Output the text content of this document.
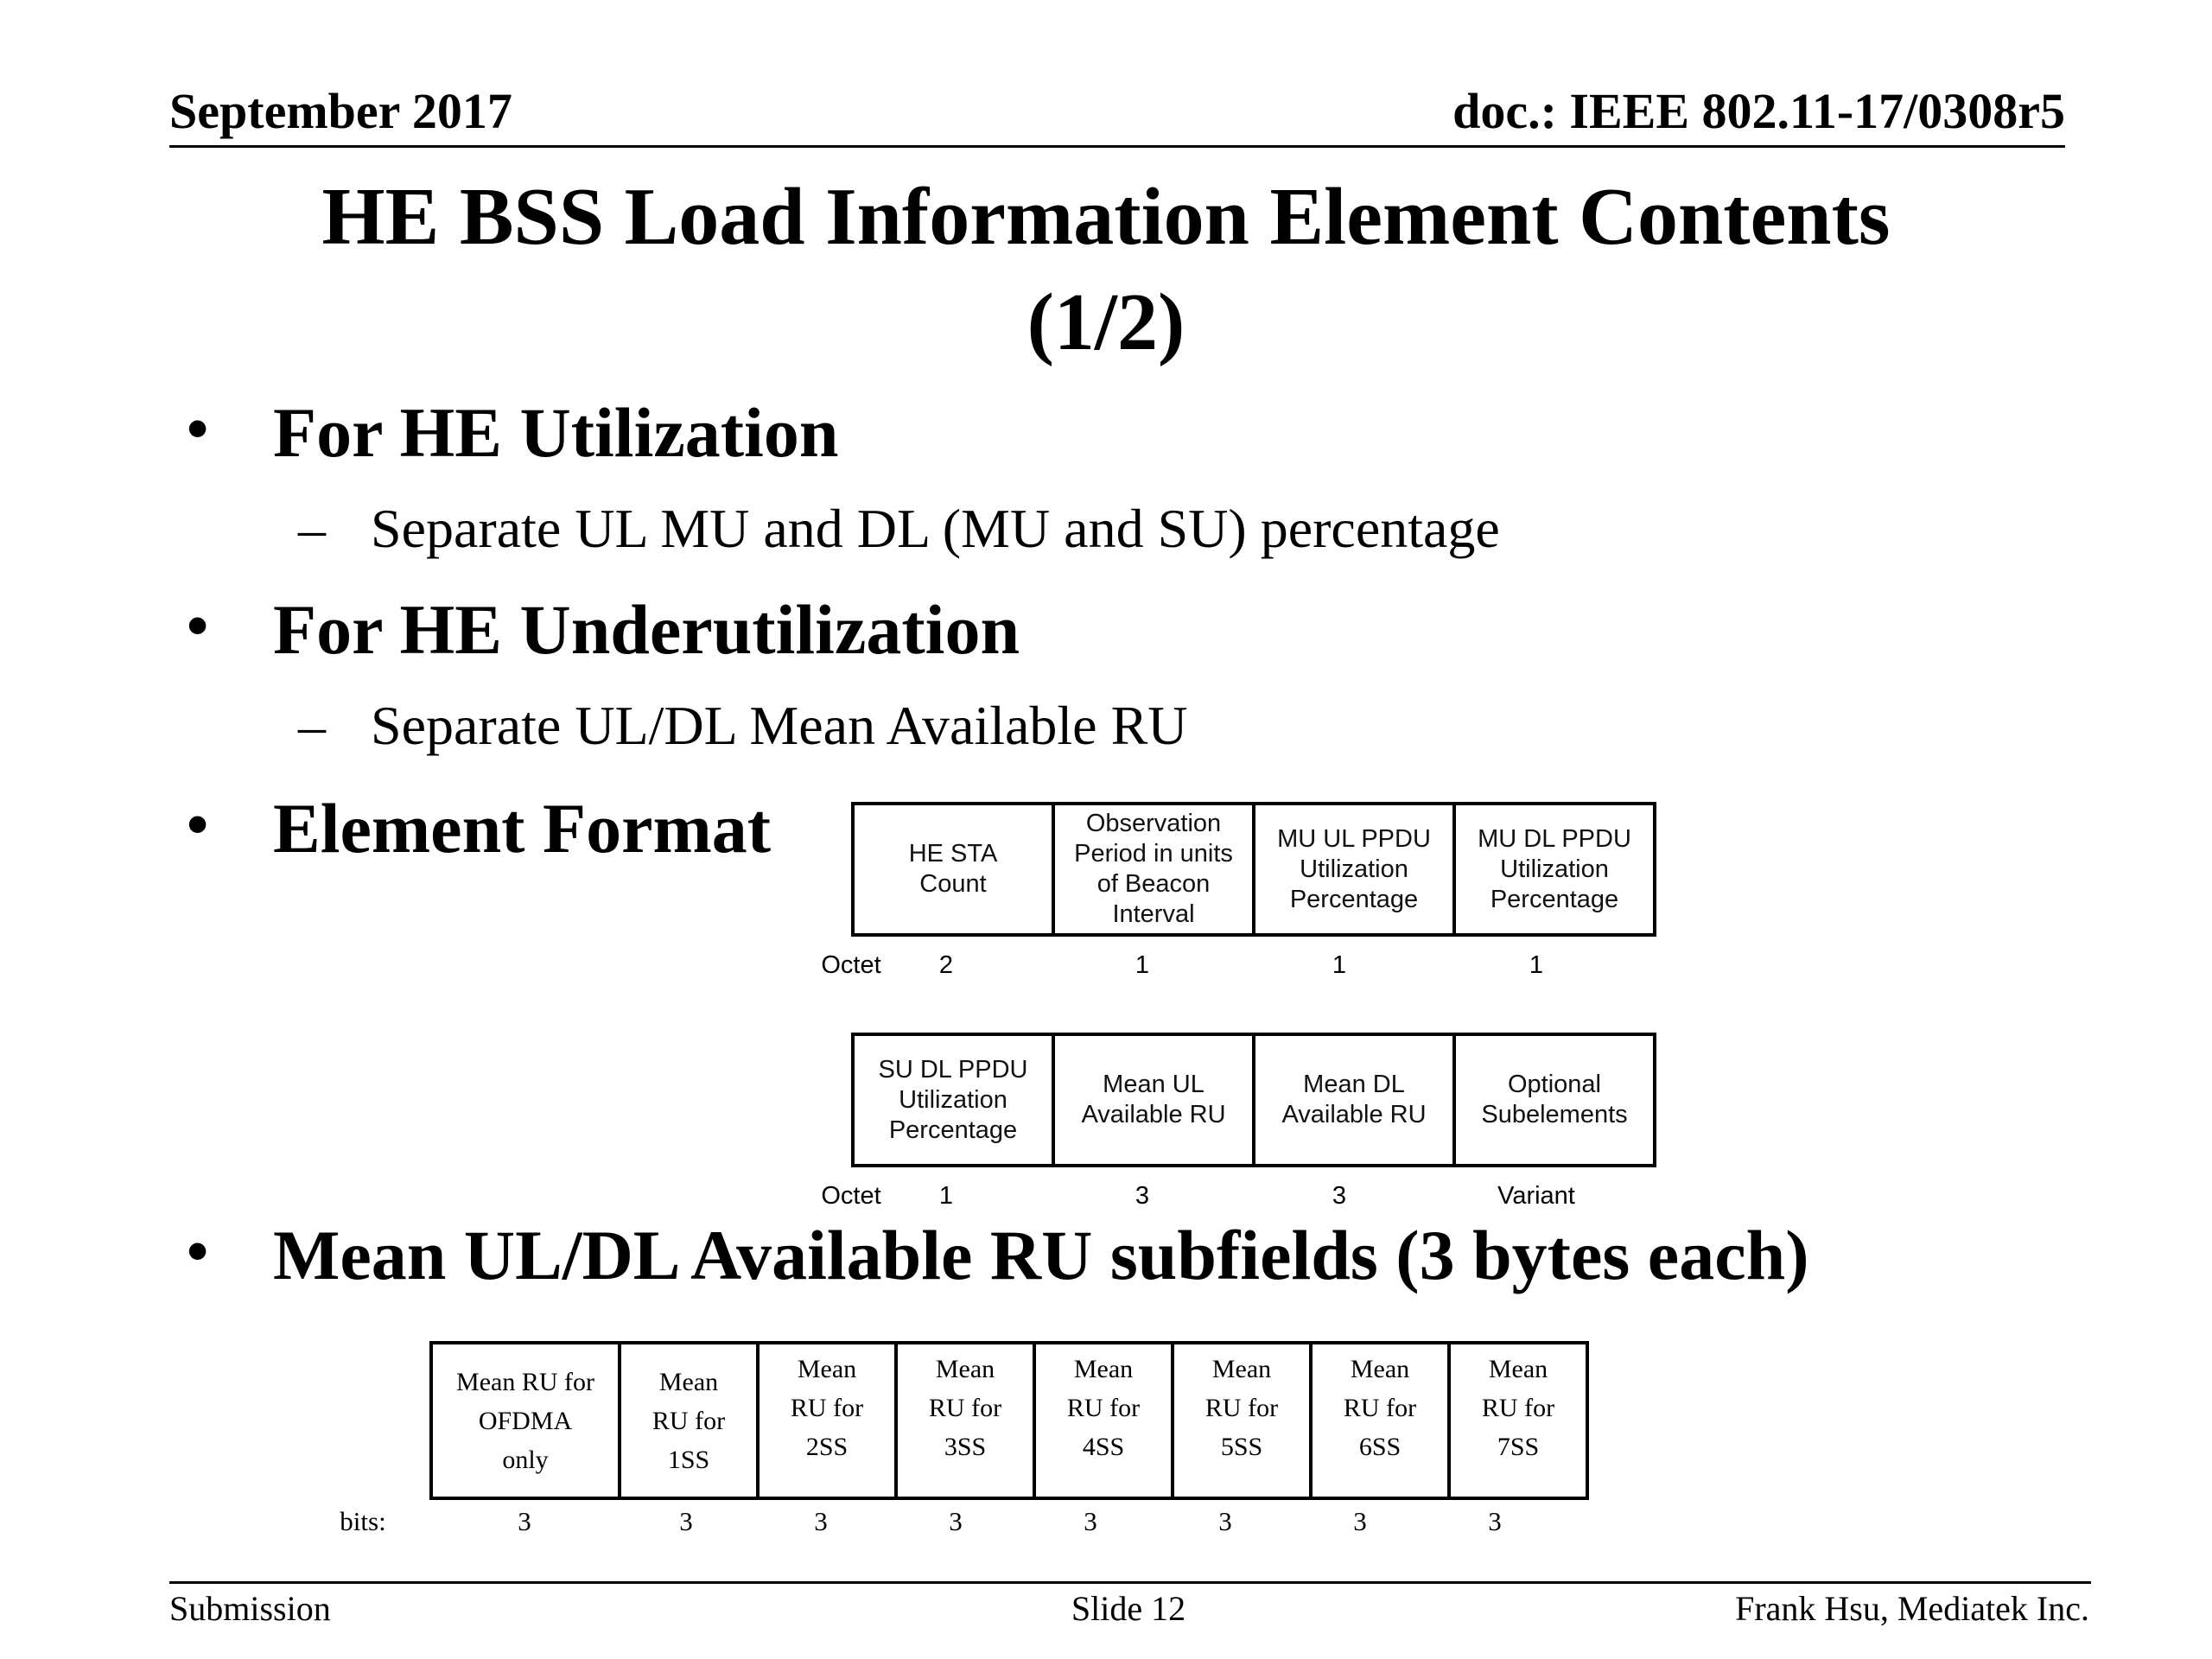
September 2017	doc.: IEEE 802.11-17/0308r5
HE BSS Load Information Element Contents
(1/2)
• For HE Utilization
– Separate UL MU and DL (MU and SU) percentage
• For HE Underutilization
– Separate UL/DL Mean Available RU
• Element Format	HE STA
Count	Observation
Period in units
of Beacon
Interval	MU UL PPDU
Utilization
Percentage	MU DL PPDU
Utilization
Percentage
Octet	2	1	1	1
SU DL PPDU
Utilization
Percentage	Mean UL
Available RU	Mean DL
Available RU	Optional
Subelements
Octet	1	3	3	Variant
• Mean UL/DL Available RU subfields (3 bytes each)
Mean RU for
OFDMA
only	Mean
RU for
1SS	Mean
RU for
2SS	Mean
RU for
3SS	Mean
RU for
4SS	Mean
RU for
5SS	Mean
RU for
6SS	Mean
RU for
7SS
bits:	3	3	3	3	3	3	3	3
Submission	Slide 12	Frank Hsu, Mediatek Inc.
